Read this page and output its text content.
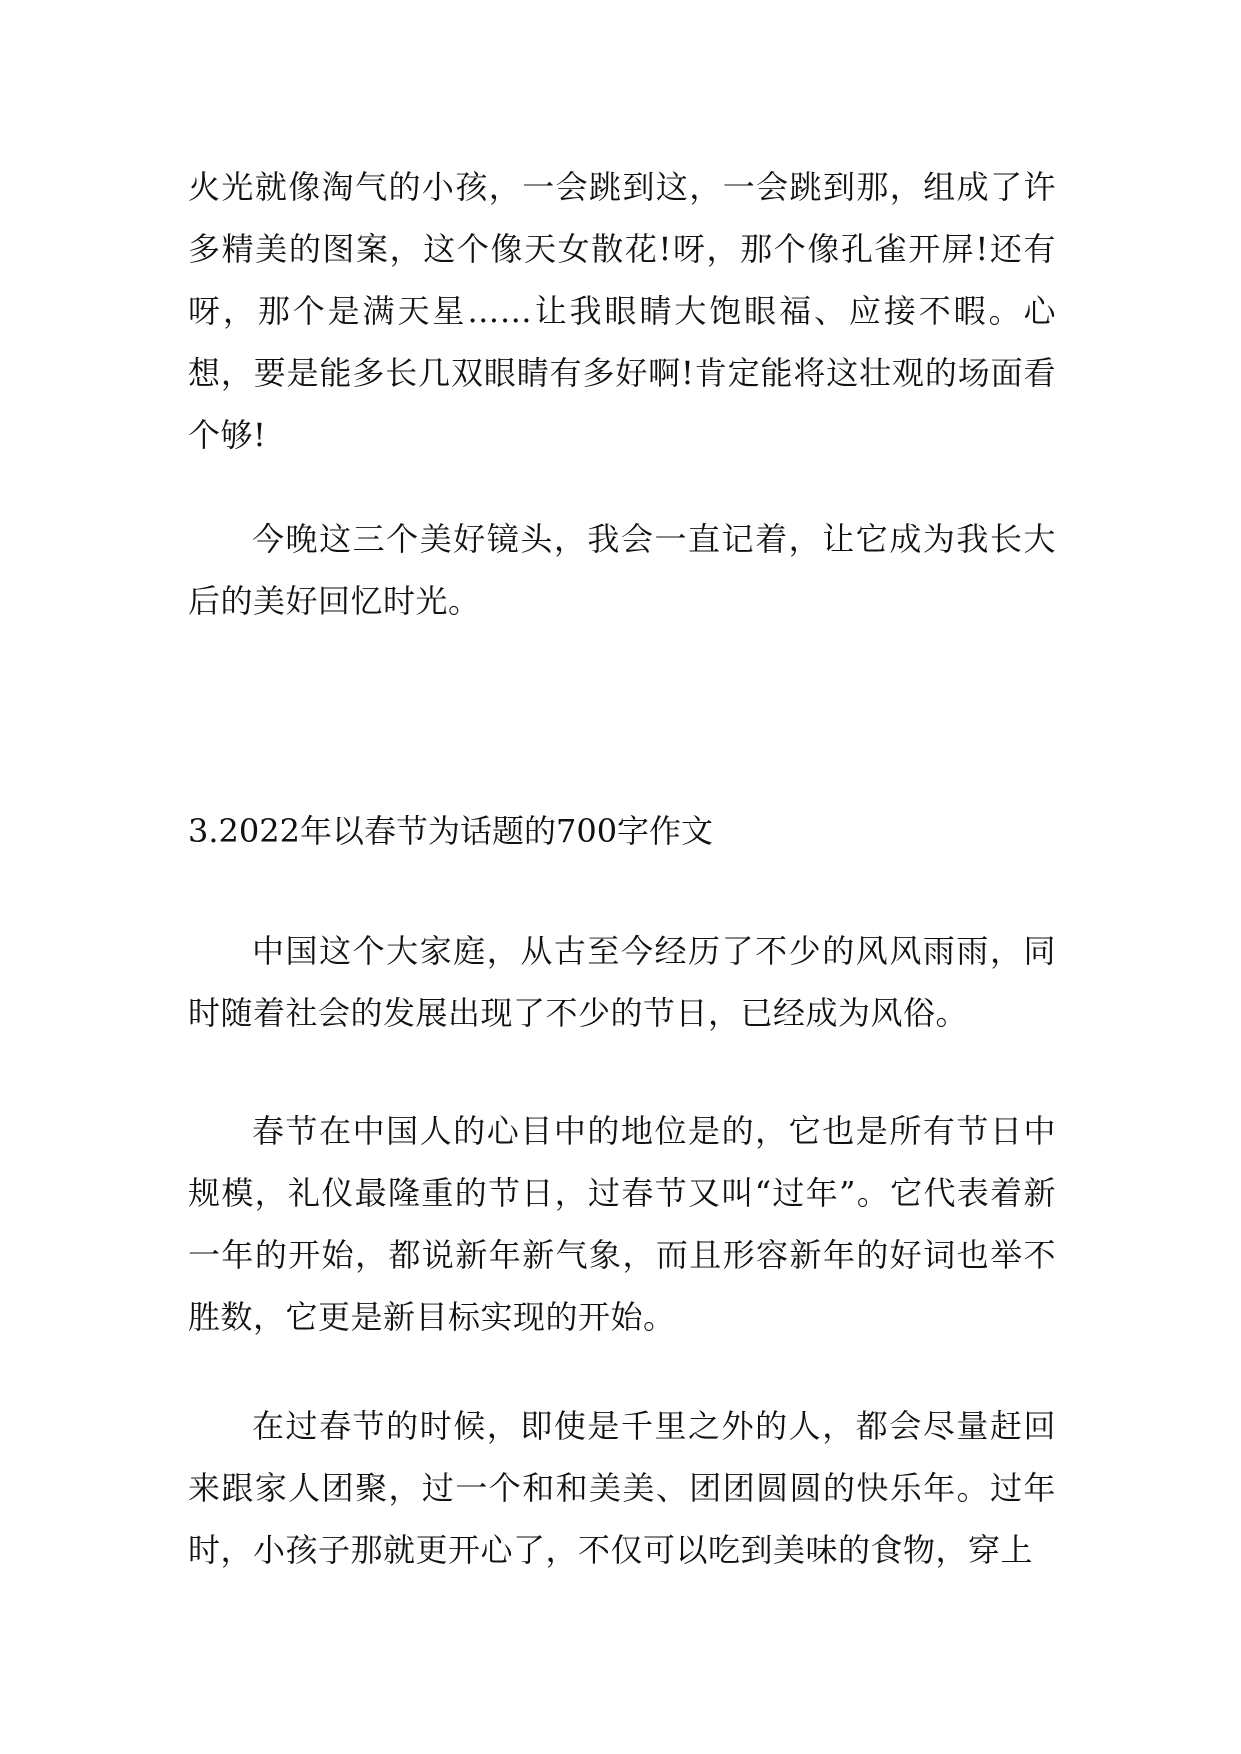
火光就像淘气的小孩，一会跳到这，一会跳到那，组成了许多精美的图案，这个像天女散花!呀，那个像孔雀开屏!还有呀，那个是满天星……让我眼睛大饱眼福、应接不暇。心想，要是能多长几双眼睛有多好啊!肯定能将这壮观的场面看个够!

今晚这三个美好镜头，我会一直记着，让它成为我长大后的美好回忆时光。

3.2022年以春节为话题的700字作文

中国这个大家庭，从古至今经历了不少的风风雨雨，同时随着社会的发展出现了不少的节日，已经成为风俗。

春节在中国人的心目中的地位是的，它也是所有节日中规模，礼仪最隆重的节日，过春节又叫“过年”。它代表着新一年的开始，都说新年新气象，而且形容新年的好词也举不胜数，它更是新目标实现的开始。

在过春节的时候，即使是千里之外的人，都会尽量赶回来跟家人团聚，过一个和和美美、团团圆圆的快乐年。过年时，小孩子那就更开心了，不仅可以吃到美味的食物，穿上
